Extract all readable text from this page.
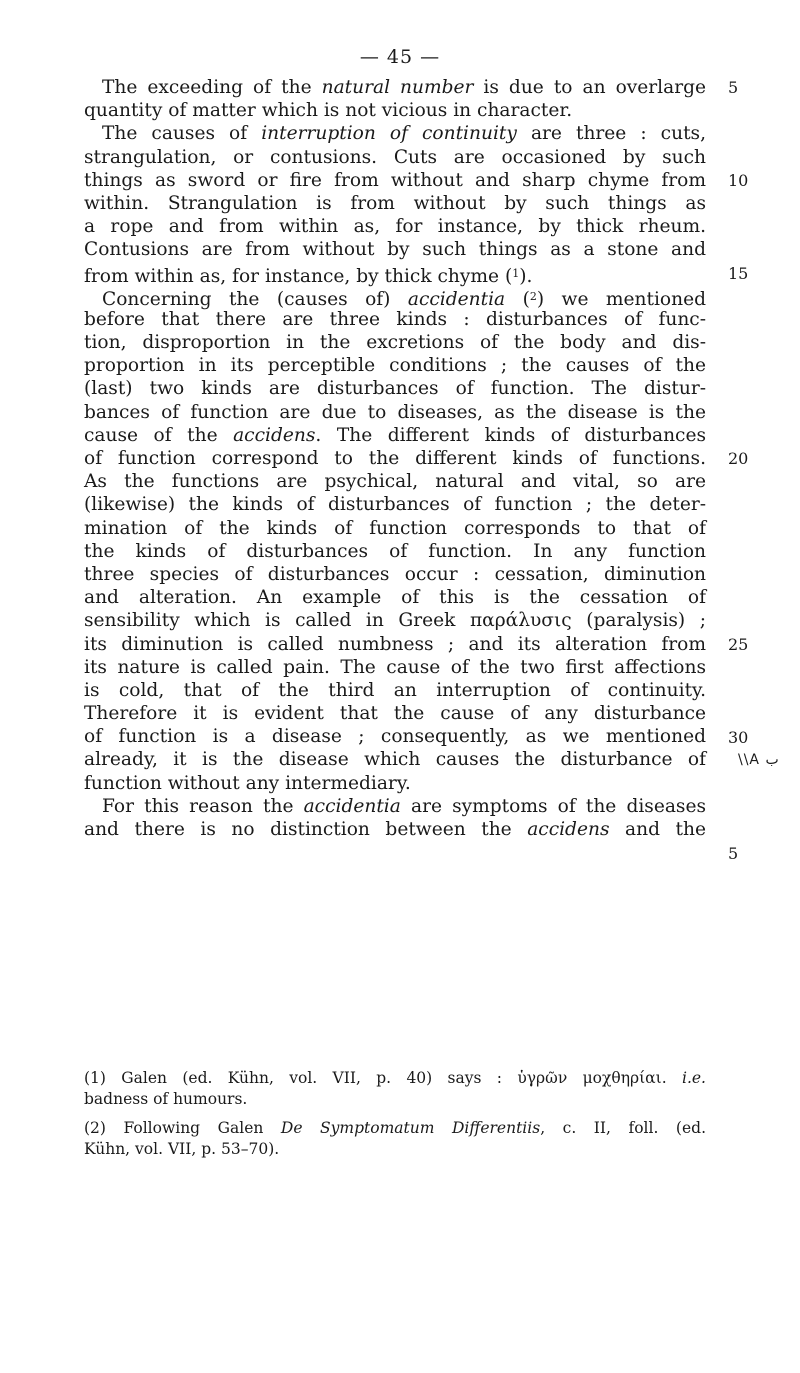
— 45 —
The exceeding of the natural number is due to an overlarge
quantity of matter which is not vicious in character.
The causes of interruption of continuity are three : cuts,
strangulation, or contusions. Cuts are occasioned by such
things as sword or fire from without and sharp chyme from
within. Strangulation is from without by such things as
a rope and from within as, for instance, by thick rheum.
Contusions are from without by such things as a stone and
from within as, for instance, by thick chyme ($^1$).
Concerning the (causes of) accidentia ($^2$) we mentioned
before that there are three kinds : disturbances of func-
tion, disproportion in the excretions of the body and dis-
proportion in its perceptible conditions ; the causes of the
(last) two kinds are disturbances of function. The distur-
bances of function are due to diseases, as the disease is the
cause of the accidens. The different kinds of disturbances
of function correspond to the different kinds of functions.
As the functions are psychical, natural and vital, so are
(likewise) the kinds of disturbances of function ; the deter-
mination of the kinds of function corresponds to that of
the kinds of disturbances of function. In any function
three species of disturbances occur : cessation, diminution
and alteration. An example of this is the cessation of
sensibility which is called in Greek παράλυσις (paralysis) ;
its diminution is called numbness ; and its alteration from
its nature is called pain. The cause of the two first affections
is cold, that of the third an interruption of continuity.
Therefore it is evident that the cause of any disturbance
of function is a disease ; consequently, as we mentioned
already, it is the disease which causes the disturbance of
function without any intermediary.
For this reason the accidentia are symptoms of the diseases
and there is no distinction between the accidens and the
5
10
15
20
25
30
\\A ب
5
(1) Galen (ed. Kühn, vol. VII, p. 40) says : ὑγρῶν μοχθηρίαι. i.e.
badness of humours.
(2) Following Galen De Symptomatum Differentiis, c. II, foll. (ed.
Kühn, vol. VII, p. 53–70).
